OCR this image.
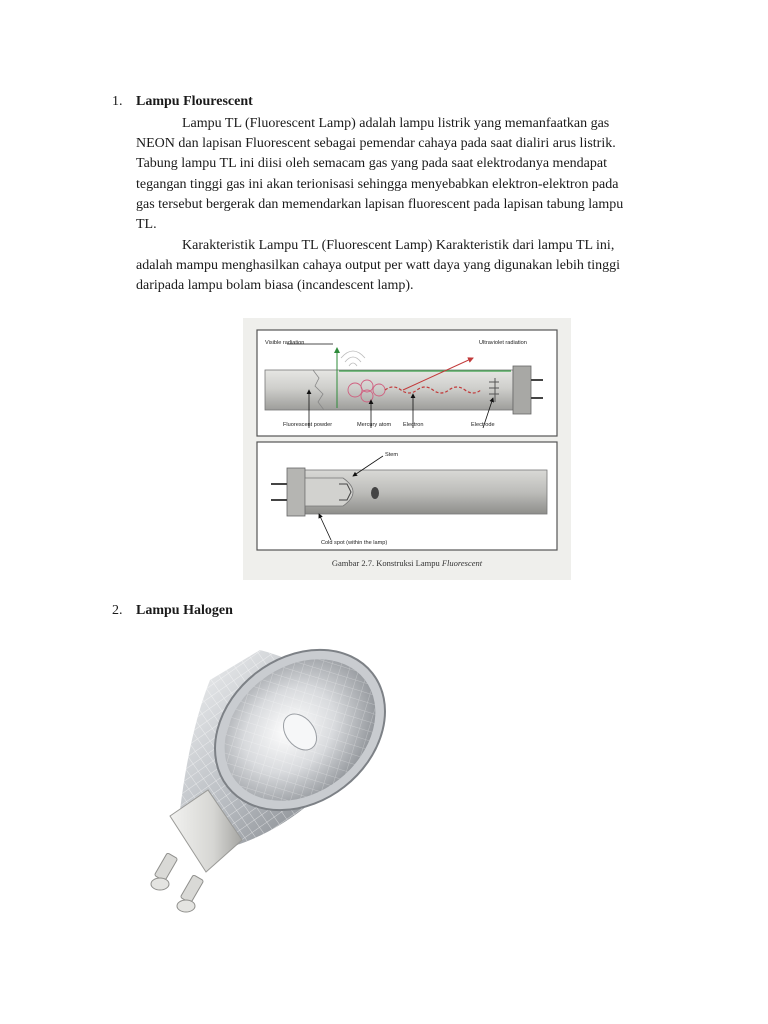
1. Lampu Flourescent
Lampu TL (Fluorescent Lamp) adalah lampu listrik yang memanfaatkan gas
NEON dan lapisan Fluorescent sebagai pemendar cahaya pada saat dialiri arus listrik.
Tabung lampu TL ini diisi oleh semacam gas yang pada saat elektrodanya mendapat
tegangan tinggi gas ini akan terionisasi sehingga menyebabkan elektron-elektron pada
gas tersebut bergerak dan memendarkan lapisan fluorescent pada lapisan tabung lampu
TL.
Karakteristik Lampu TL (Fluorescent Lamp) Karakteristik dari lampu TL ini,
adalah mampu menghasilkan cahaya output per watt daya yang digunakan lebih tinggi
daripada lampu bolam biasa (incandescent lamp).
Visible radiation	Ultraviolet radiation
Fluorescent powder	Mercury atom Electron	Electrode
Stem
Cold spot (within the lamp)
Gambar 2.7. Konstruksi Lampu Fluorescent
2. Lampu Halogen
